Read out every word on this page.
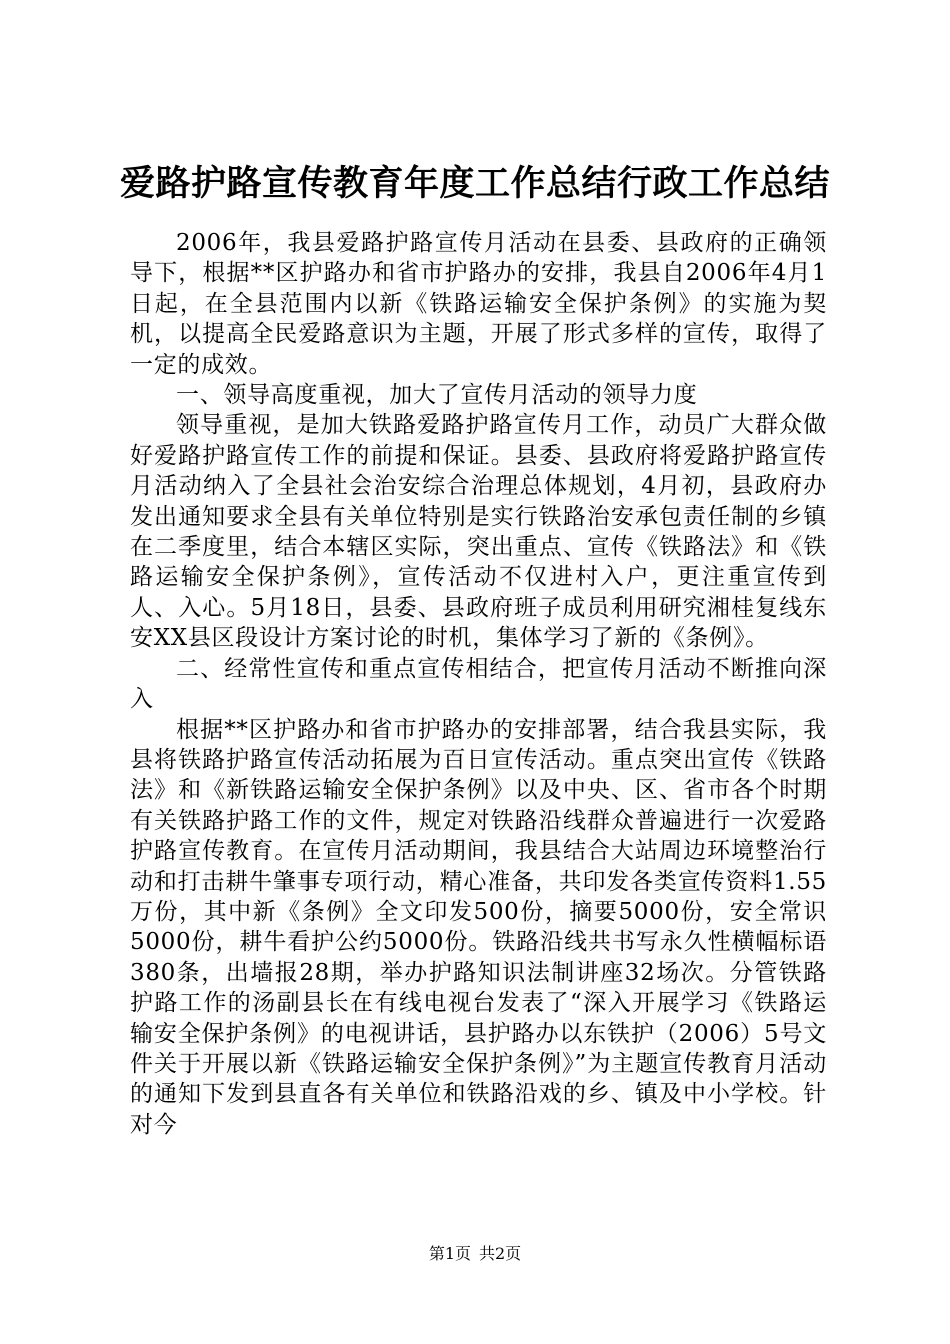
爱路护路宣传教育年度工作总结行政工作总结

2006年，我县爱路护路宣传月活动在县委、县政府的正确领导下，根据**区护路办和省市护路办的安排，我县自2006年4月1日起，在全县范围内以新《铁路运输安全保护条例》的实施为契机，以提高全民爱路意识为主题，开展了形式多样的宣传，取得了一定的成效。

一、领导高度重视，加大了宣传月活动的领导力度

领导重视，是加大铁路爱路护路宣传月工作，动员广大群众做好爱路护路宣传工作的前提和保证。县委、县政府将爱路护路宣传月活动纳入了全县社会治安综合治理总体规划，4月初，县政府办发出通知要求全县有关单位特别是实行铁路治安承包责任制的乡镇在二季度里，结合本辖区实际，突出重点、宣传《铁路法》和《铁路运输安全保护条例》，宣传活动不仅进村入户，更注重宣传到人、入心。5月18日，县委、县政府班子成员利用研究湘桂复线东安XX县区段设计方案讨论的时机，集体学习了新的《条例》。

二、经常性宣传和重点宣传相结合，把宣传月活动不断推向深入

根据**区护路办和省市护路办的安排部署，结合我县实际，我县将铁路护路宣传活动拓展为百日宣传活动。重点突出宣传《铁路法》和《新铁路运输安全保护条例》以及中央、区、省市各个时期有关铁路护路工作的文件，规定对铁路沿线群众普遍进行一次爱路护路宣传教育。在宣传月活动期间，我县结合大站周边环境整治行动和打击耕牛肇事专项行动，精心准备，共印发各类宣传资料1.55万份，其中新《条例》全文印发500份，摘要5000份，安全常识5000份，耕牛看护公约5000份。铁路沿线共书写永久性横幅标语380条，出墙报28期，举办护路知识法制讲座32场次。分管铁路护路工作的汤副县长在有线电视台发表了“深入开展学习《铁路运输安全保护条例》的电视讲话，县护路办以东铁护（2006）5号文件关于开展以新《铁路运输安全保护条例》”为主题宣传教育月活动的通知下发到县直各有关单位和铁路沿戏的乡、镇及中小学校。针对今

第1页 共2页
